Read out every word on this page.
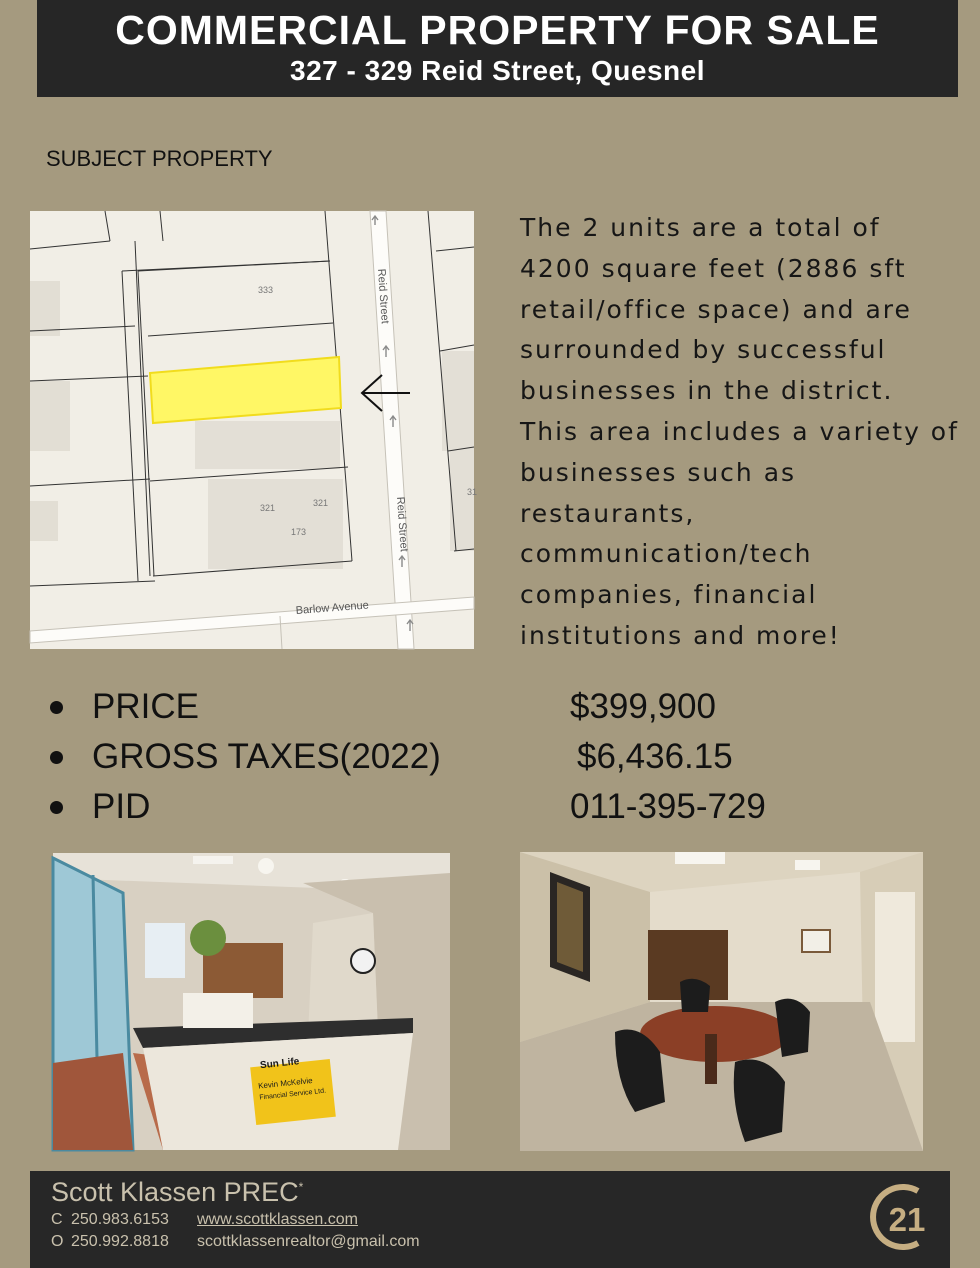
COMMERCIAL PROPERTY FOR SALE
327 - 329 Reid Street, Quesnel
SUBJECT PROPERTY
Reid Street
Reid Street
Barlow Avenue
333
321	321
173
31
The 2 units are a total of 4200 square feet (2886 sft retail/office space) and are surrounded by successful businesses in the district. This area includes a variety of businesses such as restaurants, communication/tech companies, financial institutions and more!
PRICE	$399,900
GROSS TAXES(2022)	$6,436.15
PID	011-395-729
Sun Life
Kevin McKelvie
Financial Service Ltd.
Scott Klassen PREC*
C 250.983.6153 www.scottklassen.com
O 250.992.8818 scottklassenrealtor@gmail.com
21
